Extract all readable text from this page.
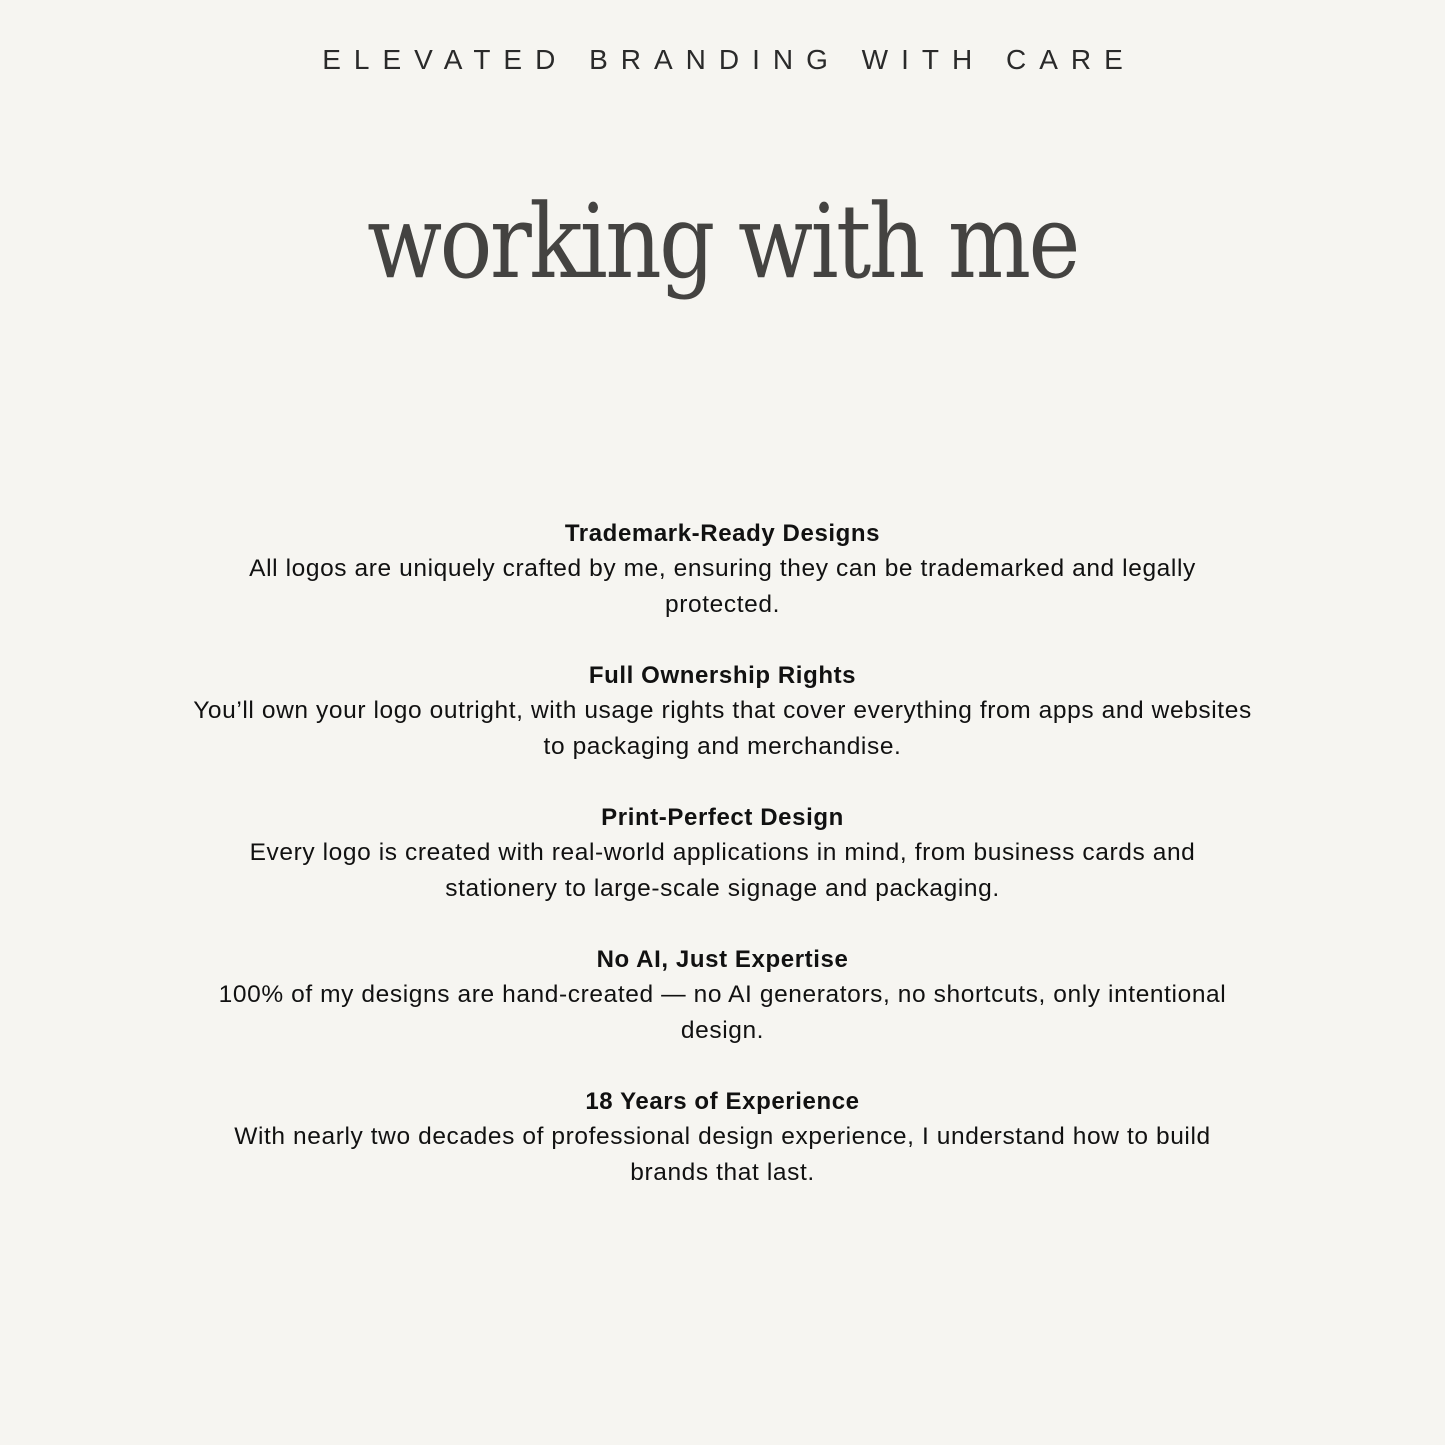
ELEVATED BRANDING WITH CARE
working with me
Trademark-Ready Designs
All logos are uniquely crafted by me, ensuring they can be trademarked and legally protected.
Full Ownership Rights
You’ll own your logo outright, with usage rights that cover everything from apps and websites to packaging and merchandise.
Print-Perfect Design
Every logo is created with real-world applications in mind, from business cards and stationery to large-scale signage and packaging.
No AI, Just Expertise
100% of my designs are hand-created — no AI generators, no shortcuts, only intentional design.
18 Years of Experience
With nearly two decades of professional design experience, I understand how to build brands that last.
